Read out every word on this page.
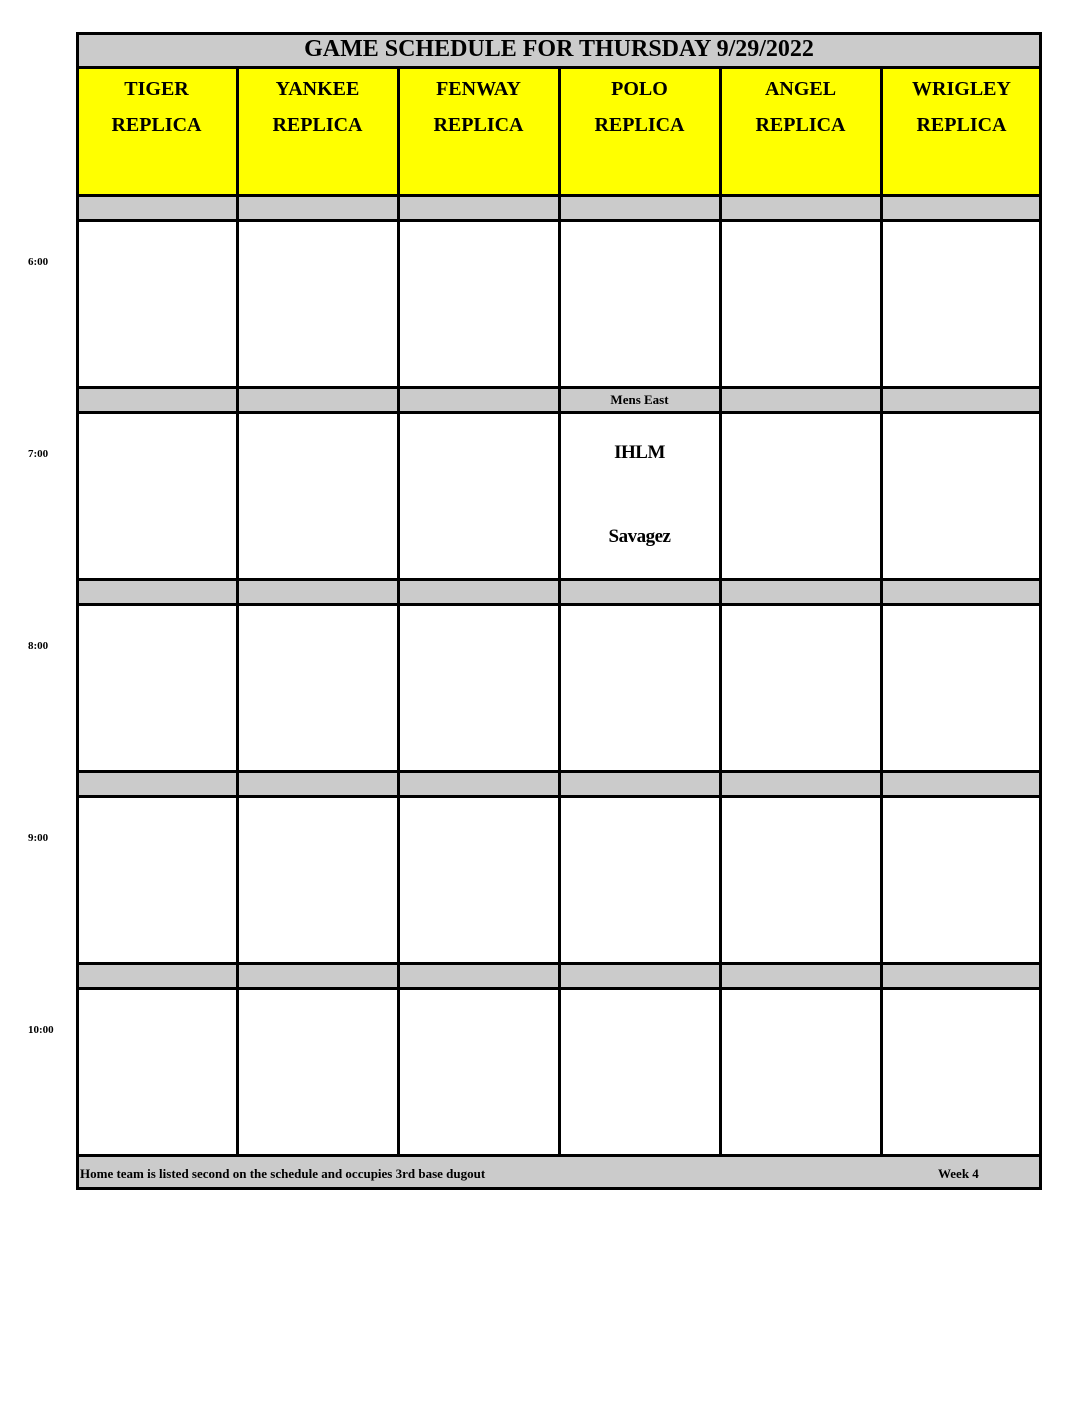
GAME SCHEDULE FOR THURSDAY 9/29/2022
TIGER
REPLICA
YANKEE
REPLICA
FENWAY
REPLICA
POLO
REPLICA
ANGEL
REPLICA
WRIGLEY
REPLICA
Mens East
IHLM
Savagez
Home team is listed second on the schedule and occupies 3rd base dugout	Week 4
6:00
7:00
8:00
9:00
10:00
